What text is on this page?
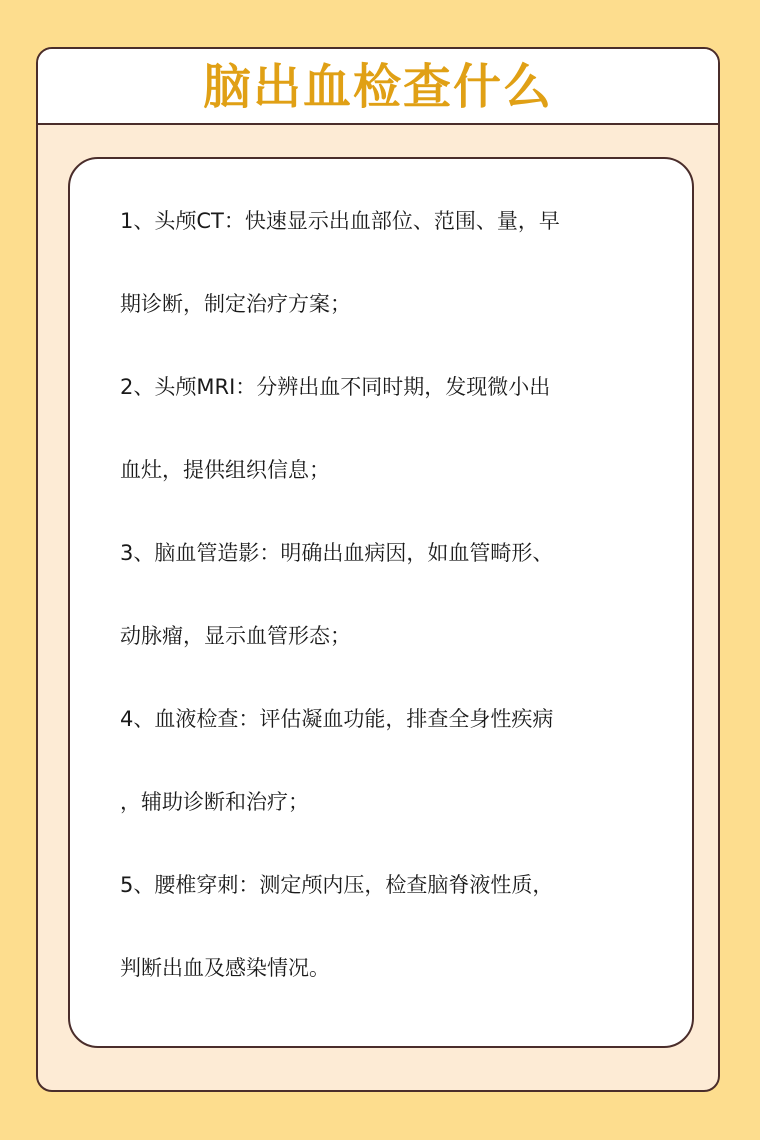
脑出血检查什么
1、头颅CT：快速显示出血部位、范围、量，早
期诊断，制定治疗方案；
2、头颅MRI：分辨出血不同时期，发现微小出
血灶，提供组织信息；
3、脑血管造影：明确出血病因，如血管畸形、
动脉瘤，显示血管形态；
4、血液检查：评估凝血功能，排查全身性疾病
，辅助诊断和治疗；
5、腰椎穿刺：测定颅内压，检查脑脊液性质，
判断出血及感染情况。
